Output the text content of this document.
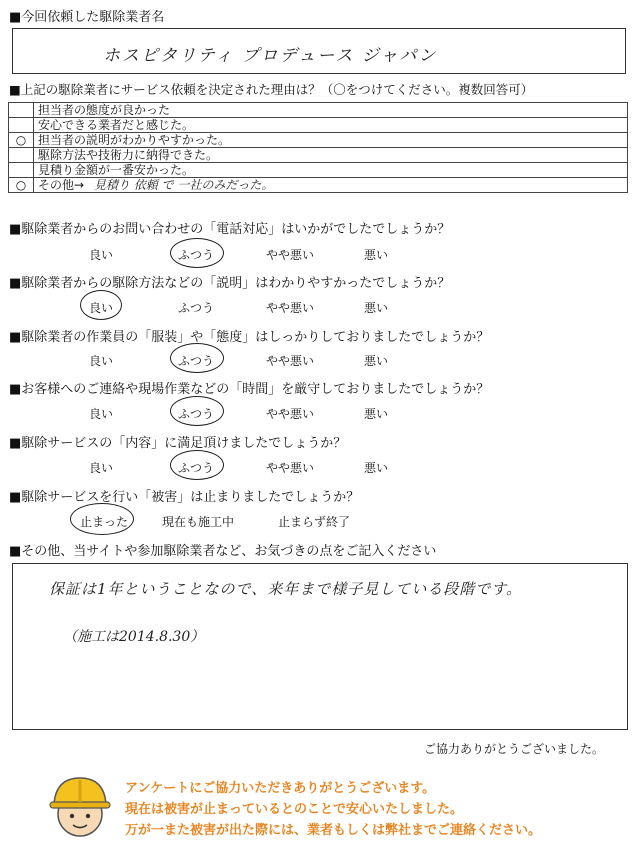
■今回依頼した駆除業者名
ホスピタリティ プロデュース ジャパン
■上記の駆除業者にサービス依頼を決定された理由は？（〇をつけてください。複数回答可）
	担当者の態度が良かった
	安心できる業者だと感じた。
○	担当者の説明がわかりやすかった。
	駆除方法や技術力に納得できた。
	見積り金額が一番安かった。
○	その他→ 見積り 依頼 で 一社のみだった。
■駆除業者からのお問い合わせの「電話対応」はいかがでしたでしょうか？
良い	ふつう	やや悪い	悪い
■駆除業者からの駆除方法などの「説明」はわかりやすかったでしょうか？
良い	ふつう	やや悪い	悪い
■駆除業者の作業員の「服装」や「態度」はしっかりしておりましたでしょうか？
良い	ふつう	やや悪い	悪い
■お客様へのご連絡や現場作業などの「時間」を厳守しておりましたでしょうか？
良い	ふつう	やや悪い	悪い
■駆除サービスの「内容」に満足頂けましたでしょうか？
良い	ふつう	やや悪い	悪い
■駆除サービスを行い「被害」は止まりましたでしょうか？
止まった	現在も施工中	止まらず終了
■その他、当サイトや参加駆除業者など、お気づきの点をご記入ください
保証は1年ということなので、来年まで様子見している段階です。
（施工は2014.8.30）
ご協力ありがとうございました。
アンケートにご協力いただきありがとうございます。
現在は被害が止まっているとのことで安心いたしました。
万が一また被害が出た際には、業者もしくは弊社までご連絡ください。
